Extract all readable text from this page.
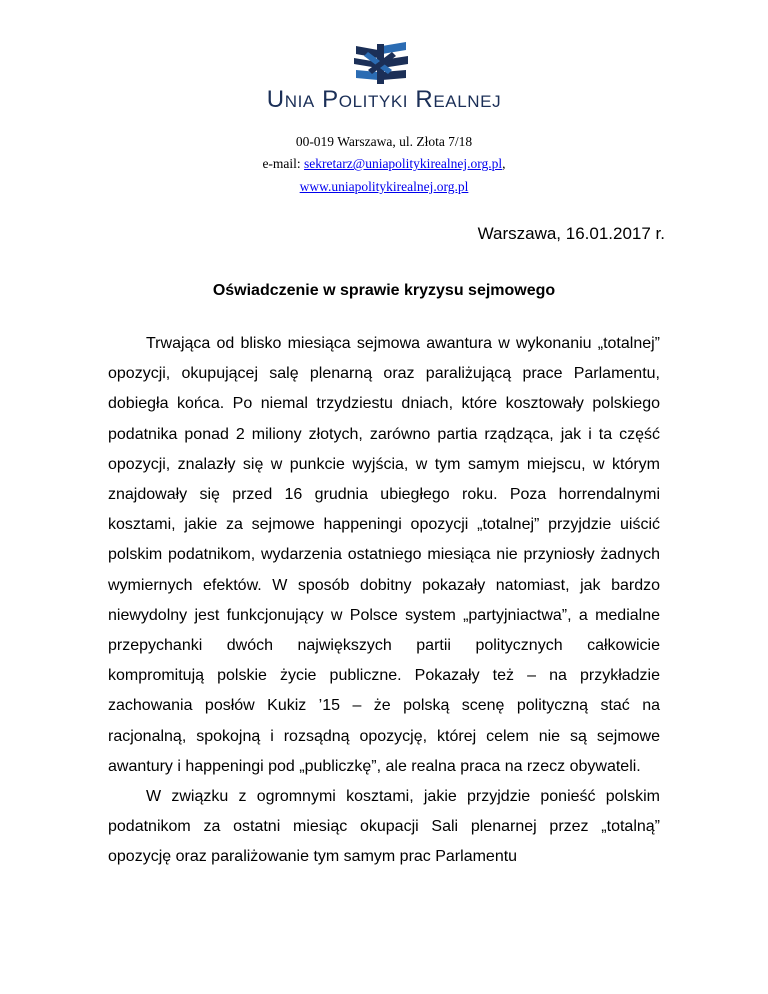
Unia Polityki Realnej
00-019 Warszawa, ul. Złota 7/18
e-mail: sekretarz@uniapolitykirealnej.org.pl,
www.uniapolitykirealnej.org.pl
Warszawa, 16.01.2017 r.
Oświadczenie w sprawie kryzysu sejmowego

Trwająca od blisko miesiąca sejmowa awantura w wykonaniu „totalnej” opozycji, okupującej salę plenarną oraz paraliżującą prace Parlamentu, dobiegła końca. Po niemal trzydziestu dniach, które kosztowały polskiego podatnika ponad 2 miliony złotych, zarówno partia rządząca, jak i ta część opozycji, znalazły się w punkcie wyjścia, w tym samym miejscu, w którym znajdowały się przed 16 grudnia ubiegłego roku. Poza horrendalnymi kosztami, jakie za sejmowe happeningi opozycji „totalnej” przyjdzie uiścić polskim podatnikom, wydarzenia ostatniego miesiąca nie przyniosły żadnych wymiernych efektów. W sposób dobitny pokazały natomiast, jak bardzo niewydolny jest funkcjonujący w Polsce system „partyjniactwa”, a medialne przepychanki dwóch największych partii politycznych całkowicie kompromitują polskie życie publiczne. Pokazały też – na przykładzie zachowania posłów Kukiz ’15 – że polską scenę polityczną stać na racjonalną, spokojną i rozsądną opozycję, której celem nie są sejmowe awantury i happeningi pod „publiczkę”, ale realna praca na rzecz obywateli.

W związku z ogromnymi kosztami, jakie przyjdzie ponieść polskim podatnikom za ostatni miesiąc okupacji Sali plenarnej przez „totalną” opozycję oraz paraliżowanie tym samym prac Parlamentu
